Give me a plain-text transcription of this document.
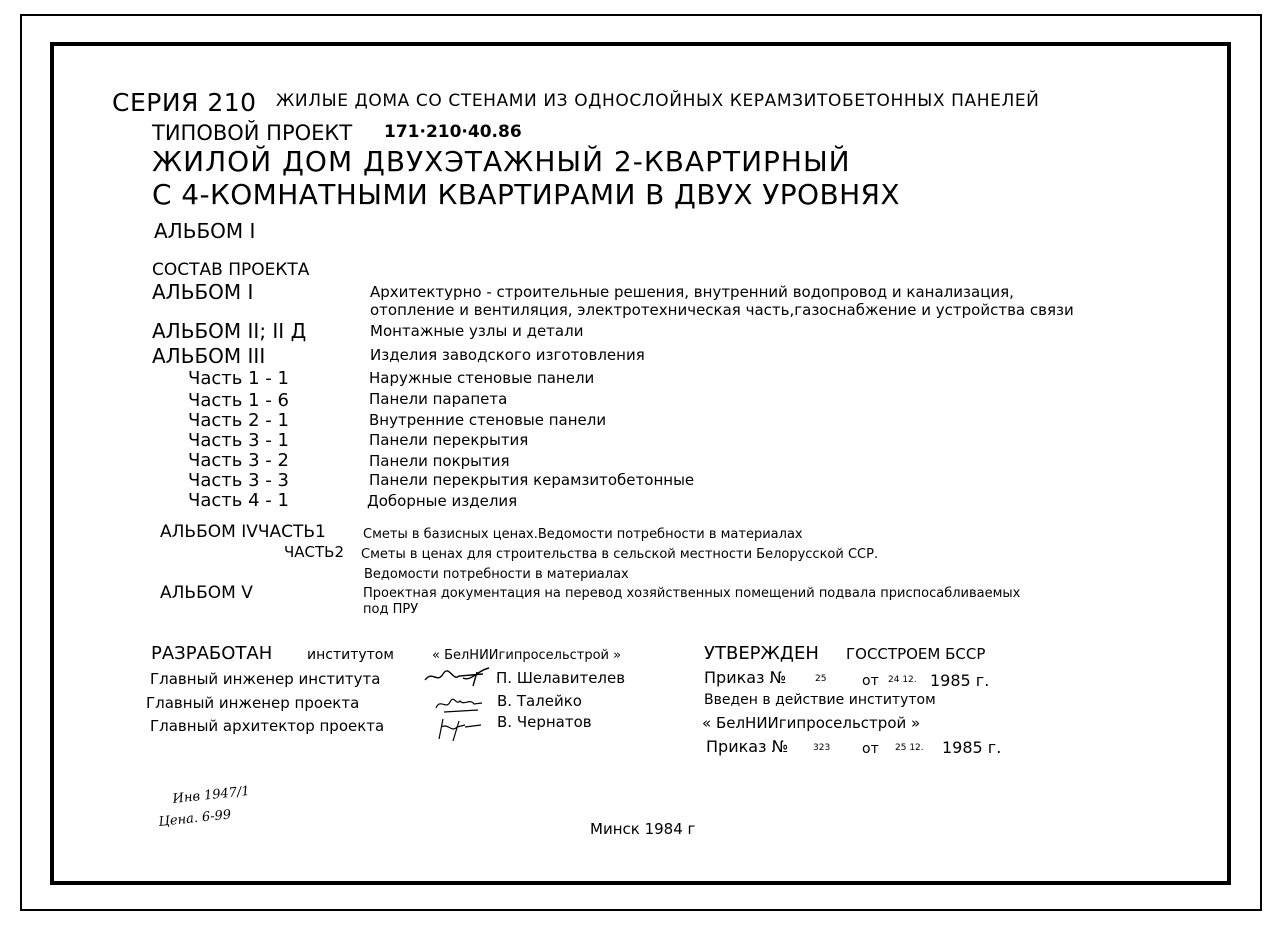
СЕРИЯ 210 ЖИЛЫЕ ДОМА СО СТЕНАМИ ИЗ ОДНОСЛОЙНЫХ КЕРАМЗИТОБЕТОННЫХ ПАНЕЛЕЙ
ТИПОВОЙ ПРОЕКТ 171·210·40.86
ЖИЛОЙ ДОМ ДВУХЭТАЖНЫЙ 2-КВАРТИРНЫЙ
С 4-КОМНАТНЫМИ КВАРТИРАМИ В ДВУХ УРОВНЯХ
АЛЬБОМ I
СОСТАВ ПРОЕКТА
АЛЬБОМ I	Архитектурно - строительные решения, внутренний водопровод и канализация,
отопление и вентиляция, электротехническая часть,газоснабжение и устройства связи
АЛЬБОМ II; II Д	Монтажные узлы и детали
АЛЬБОМ III	Изделия заводского изготовления
Часть 1 - 1	Наружные стеновые панели
Часть 1 - 6	Панели парапета
Часть 2 - 1	Внутренние стеновые панели
Часть 3 - 1	Панели перекрытия
Часть 3 - 2	Панели покрытия
Часть 3 - 3	Панели перекрытия керамзитобетонные
Часть 4 - 1	Доборные изделия
АЛЬБОМ IVЧАСТЬ1	Сметы в базисных ценах.Ведомости потребности в материалах
ЧАСТЬ2 Сметы в ценах для строительства в сельской местности Белорусской ССР.
Ведомости потребности в материалах
АЛЬБОМ V	Проектная документация на перевод хозяйственных помещений подвала приспосабливаемых
под ПРУ
РАЗРАБОТАН институтом	« БелНИИгипросельстрой »
Главный инженер института	П. Шелавителев
Главный инженер проекта	В. Талейко
Главный архитектор проекта	В. Чернатов
УТВЕРЖДЕН ГОССТРОЕМ БССР
Приказ №	25	от 24 12. 1985 г.
Введен в действие институтом
« БелНИИгипросельстрой »
Приказ №	323 от 25 12. 1985 г.
Инв 1947/1
Цена. 6-99	Минск 1984 г
